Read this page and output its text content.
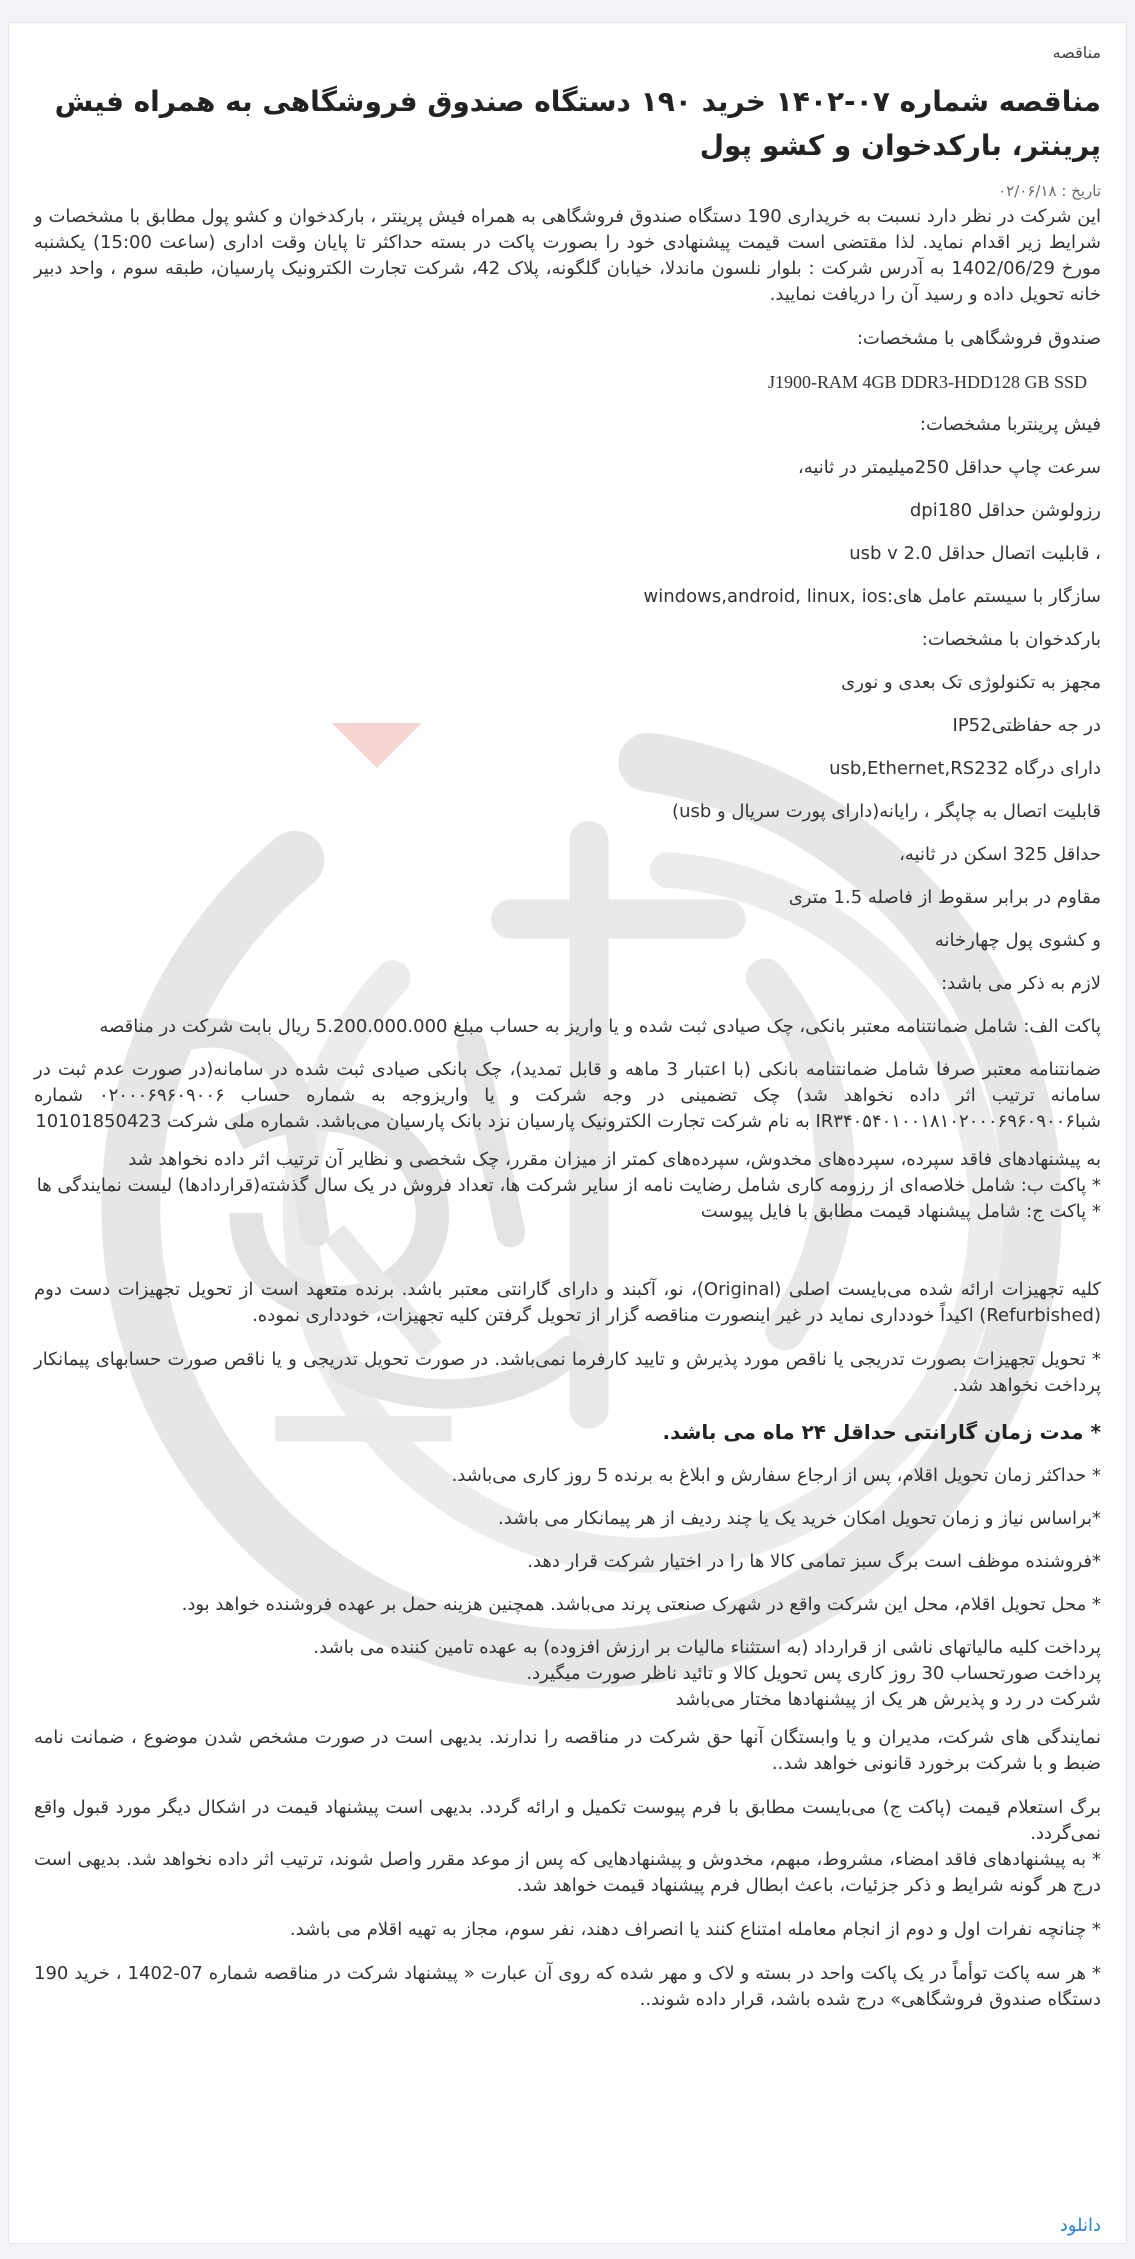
مناقصه
مناقصه شماره ۰۷-۱۴۰۲ خرید ۱۹۰ دستگاه صندوق فروشگاهی به همراه فیش پرینتر، بارکدخوان و کشو پول
تاریخ : ۰۲/۰۶/۱۸

این شرکت در نظر دارد نسبت به خریداری 190 دستگاه صندوق فروشگاهی به همراه فیش پرینتر ، بارکدخوان و کشو پول مطابق با مشخصات و شرایط زیر اقدام نماید. لذا مقتضی است قیمت پیشنهادی خود را بصورت پاکت در بسته حداکثر تا پایان وقت اداری (ساعت 15:00) یکشنبه مورخ 1402/06/29 به آدرس شرکت : بلوار نلسون ماندلا، خیابان گلگونه، پلاک 42، شرکت تجارت الکترونیک پارسیان، طبقه سوم ، واحد دبیر خانه تحویل داده و رسید آن را دریافت نمایید.

صندوق فروشگاهی با مشخصات:
J1900-RAM 4GB DDR3-HDD128 GB SSD
فیش پرینتربا مشخصات:
سرعت چاپ حداقل 250میلیمتر در ثانیه،
رزولوشن حداقل dpi180
، قابلیت اتصال حداقل usb v 2.0
سازگار با سیستم عامل های:windows,android, linux, ios
بارکدخوان با مشخصات:
مجهز به تکنولوژی تک بعدی و نوری
در جه حفاظتیIP52
دارای درگاه usb,Ethernet,RS232
قابلیت اتصال به چاپگر ، رایانه(دارای پورت سریال و usb)
حداقل 325 اسکن در ثانیه،
مقاوم در برابر سقوط از فاصله 1.5 متری
و کشوی پول چهارخانه
لازم به ذکر می باشد:
پاکت الف: شامل ضمانتنامه معتبر بانکی، چک صیادی ثبت شده و یا واریز به حساب مبلغ 5.200.000.000 ریال بابت شرکت در مناقصه

ضمانتنامه معتبر صرفا شامل ضمانتنامه بانکی (با اعتبار 3 ماهه و قابل تمدید)، چک بانکی صیادی ثبت شده در سامانه(در صورت عدم ثبت در سامانه ترتیب اثر داده نخواهد شد) چک تضمینی در وجه شرکت و یا واریزوجه به شماره حساب ۰۲۰۰۰۶۹۶۰۹۰۰۶ شماره شباIR۳۴۰۵۴۰۱۰۰۱۸۱۰۲۰۰۰۶۹۶۰۹۰۰۶ به نام شرکت تجارت الکترونیک پارسیان نزد بانک پارسیان می‌باشد. شماره ملی شرکت 10101850423

به پیشنهادهای فاقد سپرده، سپرده‌های مخدوش، سپرده‌های کمتر از میزان مقرر، چک شخصی و نظایر آن ترتیب اثر داده نخواهد شد

* پاکت ب: شامل خلاصه‌ای از رزومه کاری شامل رضایت نامه از سایر شرکت ها، تعداد فروش در یک سال گذشته(قراردادها) لیست نمایندگی ها

* پاکت ج: شامل پیشنهاد قیمت مطابق با فایل پیوست

کلیه تجهیزات ارائه شده می‌بایست اصلی (Original)، نو، آکبند و دارای گارانتی معتبر باشد. برنده متعهد است از تحویل تجهیزات دست دوم (Refurbished) اکیداً خودداری نماید در غیر اینصورت مناقصه گزار از تحویل گرفتن کلیه تجهیزات، خودداری نموده.

* تحویل تجهیزات بصورت تدریجی یا ناقص مورد پذیرش و تایید کارفرما نمی‌باشد. در صورت تحویل تدریجی و یا ناقص صورت حسابهای پیمانکار پرداخت نخواهد شد.

* مدت زمان گارانتی حداقل ۲۴ ماه می باشد.
* حداکثر زمان تحویل اقلام، پس از ارجاع سفارش و ابلاغ به برنده 5 روز کاری می‌باشد.
*براساس نیاز و زمان تحویل امکان خرید یک یا چند ردیف از هر پیمانکار می باشد.
*فروشنده موظف است برگ سبز تمامی کالا ها را در اختیار شرکت قرار دهد.
* محل تحویل اقلام، محل این شرکت واقع در شهرک صنعتی پرند می‌باشد. همچنین هزینه حمل بر عهده فروشنده خواهد بود.

پرداخت کلیه مالیاتهای ناشی از قرارداد (به استثناء مالیات بر ارزش افزوده) به عهده تامین کننده می باشد.

پرداخت صورتحساب 30 روز کاری پس تحویل کالا و تائید ناظر صورت میگیرد.

شرکت در رد و پذیرش هر یک از پیشنهادها مختار می‌باشد

نمایندگی های شرکت، مدیران و یا وابستگان آنها حق شرکت در مناقصه را ندارند. بدیهی است در صورت مشخص شدن موضوع ، ضمانت نامه ضبط و با شرکت برخورد قانونی خواهد شد..

برگ استعلام قیمت (پاکت ج) می‌بایست مطابق با فرم پیوست تکمیل و ارائه گردد. بدیهی است پیشنهاد قیمت در اشکال دیگر مورد قبول واقع نمی‌گردد.

* به پیشنهادهای فاقد امضاء، مشروط، مبهم، مخدوش و پیشنهادهایی که پس از موعد مقرر واصل شوند، ترتیب اثر داده نخواهد شد. بدیهی است درج هر گونه شرایط و ذکر جزئیات، باعث ابطال فرم پیشنهاد قیمت خواهد شد.

* چنانچه نفرات اول و دوم از انجام معامله امتناع کنند یا انصراف دهند، نفر سوم، مجاز به تهیه اقلام می باشد.

* هر سه پاکت توأماً در یک پاکت واحد در بسته و لاک و مهر شده که روی آن عبارت « پیشنهاد شرکت در مناقصه شماره 07-1402 ، خرید 190 دستگاه صندوق فروشگاهی» درج شده باشد، قرار داده شوند..

دانلود
